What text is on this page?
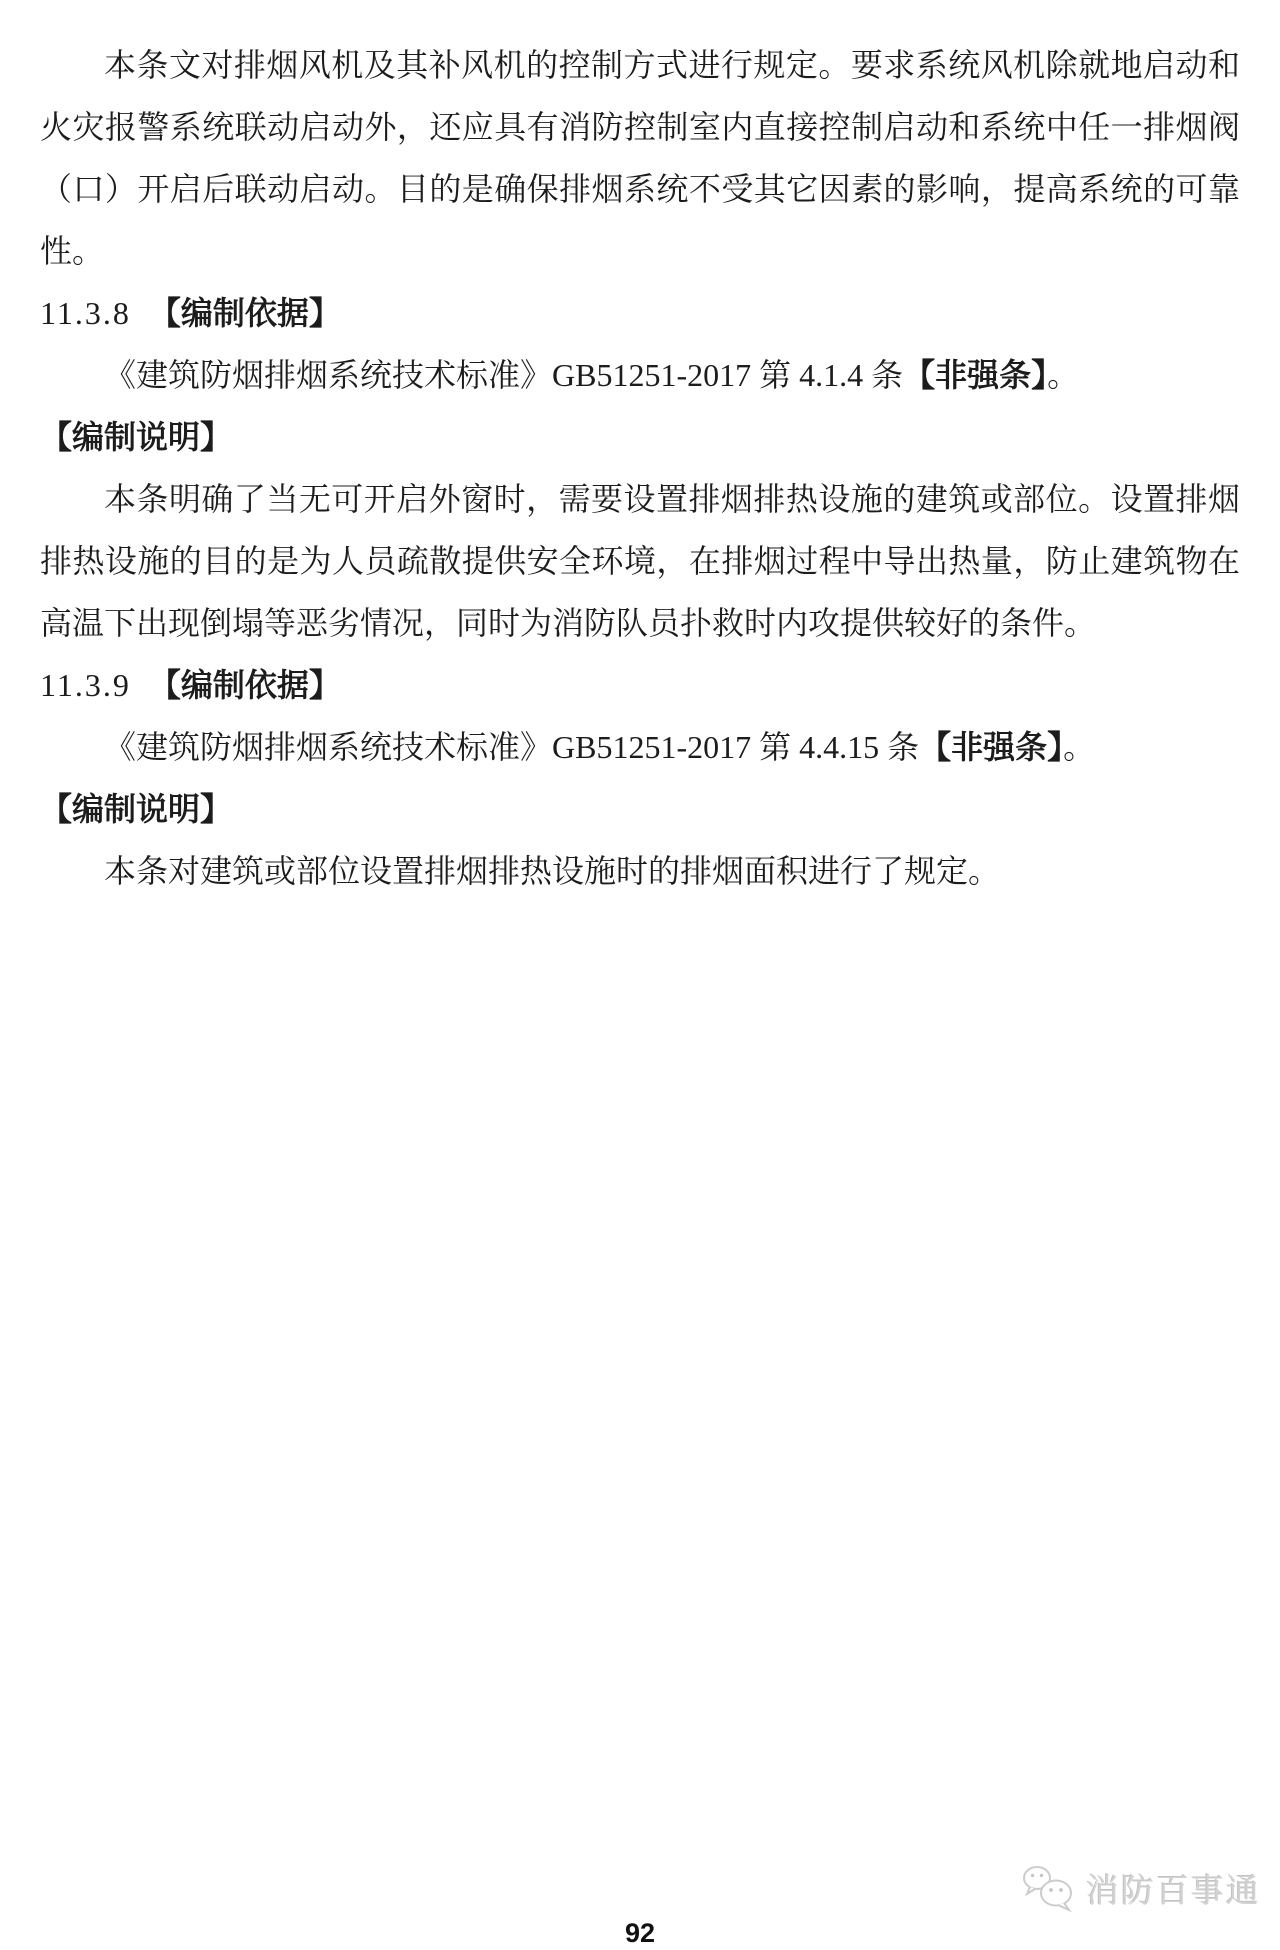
本条文对排烟风机及其补风机的控制方式进行规定。要求系统风机除就地启动和
火灾报警系统联动启动外，还应具有消防控制室内直接控制启动和系统中任一排烟阀
（口）开启后联动启动。目的是确保排烟系统不受其它因素的影响，提高系统的可靠
性。
11.3.8 【编制依据】
《建筑防烟排烟系统技术标准》GB51251-2017 第 4.1.4 条【非强条】。
【编制说明】
本条明确了当无可开启外窗时，需要设置排烟排热设施的建筑或部位。设置排烟
排热设施的目的是为人员疏散提供安全环境，在排烟过程中导出热量，防止建筑物在
高温下出现倒塌等恶劣情况，同时为消防队员扑救时内攻提供较好的条件。
11.3.9 【编制依据】
《建筑防烟排烟系统技术标准》GB51251-2017 第 4.4.15 条【非强条】。
【编制说明】
本条对建筑或部位设置排烟排热设施时的排烟面积进行了规定。
消防百事通
92
